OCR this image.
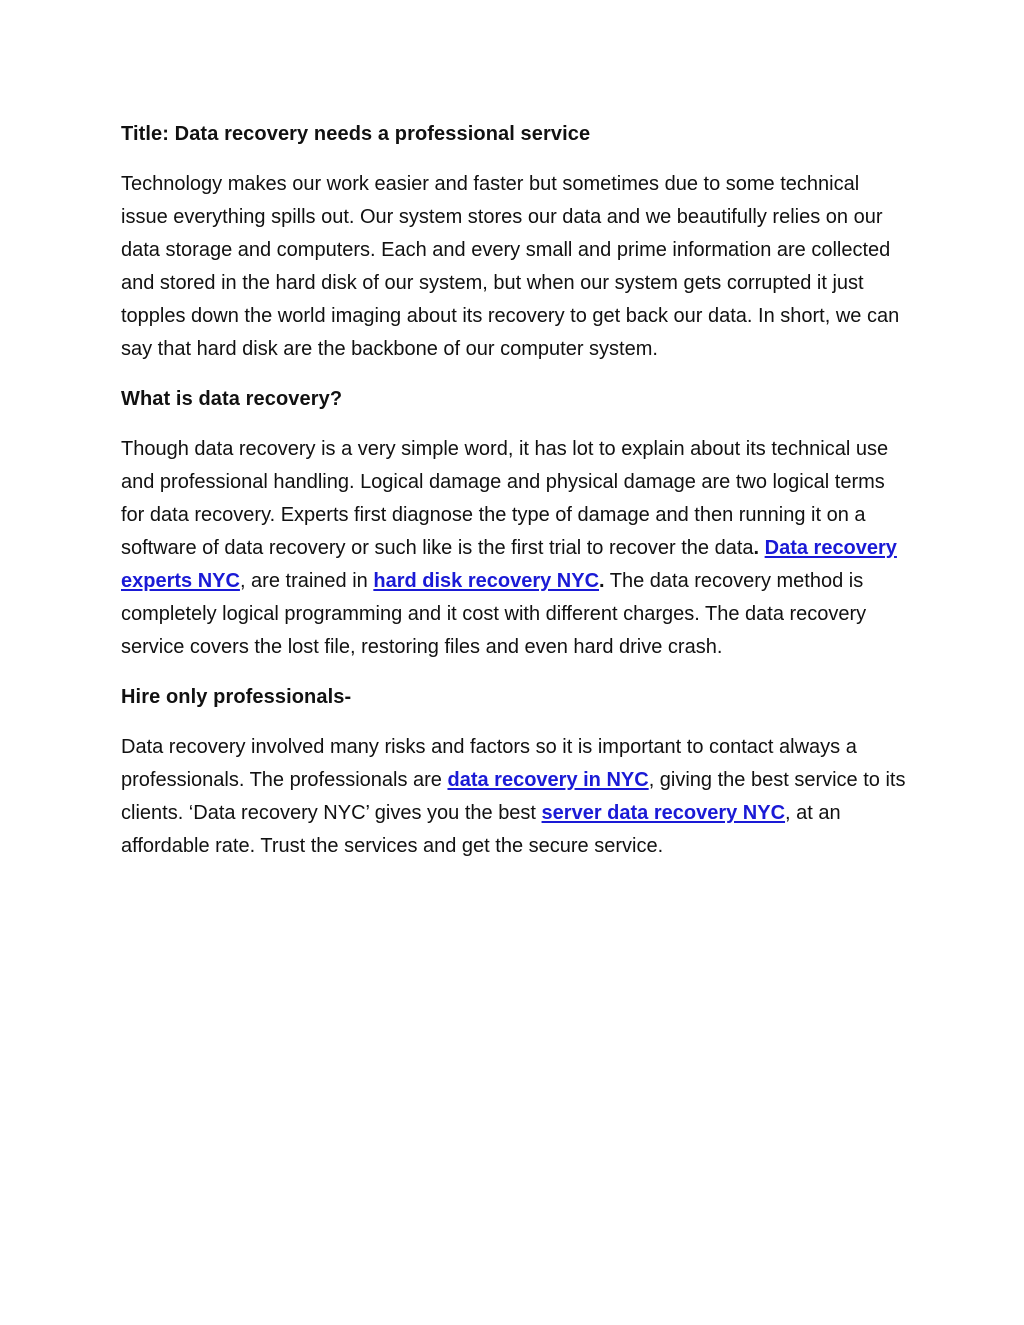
Title: Data recovery needs a professional service

Technology makes our work easier and faster but sometimes due to some technical issue everything spills out. Our system stores our data and we beautifully relies on our data storage and computers. Each and every small and prime information are collected and stored in the hard disk of our system, but when our system gets corrupted it just topples down the world imaging about its recovery to get back our data. In short, we can say that hard disk are the backbone of our computer system.

What is data recovery?

Though data recovery is a very simple word, it has lot to explain about its technical use and professional handling. Logical damage and physical damage are two logical terms for data recovery. Experts first diagnose the type of damage and then running it on a software of data recovery or such like is the first trial to recover the data. Data recovery experts NYC, are trained in hard disk recovery NYC. The data recovery method is completely logical programming and it cost with different charges. The data recovery service covers the lost file, restoring files and even hard drive crash.

Hire only professionals-

Data recovery involved many risks and factors so it is important to contact always a professionals. The professionals are data recovery in NYC, giving the best service to its clients. ‘Data recovery NYC’ gives you the best server data recovery NYC, at an affordable rate. Trust the services and get the secure service.
